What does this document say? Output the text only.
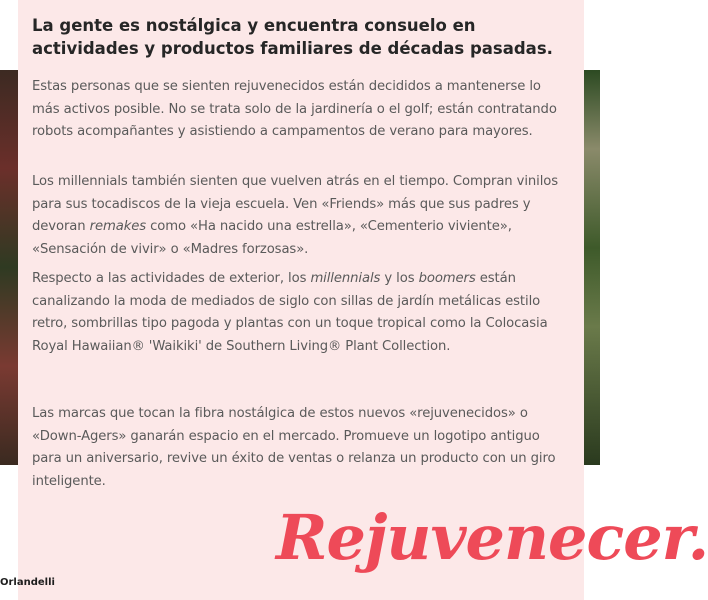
La gente es nostálgica y encuentra consuelo en actividades y productos familiares de décadas pasadas.

Estas personas que se sienten rejuvenecidos están decididos a mantenerse lo más activos posible. No se trata solo de la jardinería o el golf; están contratando robots acompañantes y asistiendo a campamentos de verano para mayores.

Los millennials también sienten que vuelven atrás en el tiempo. Compran vinilos para sus tocadiscos de la vieja escuela. Ven «Friends» más que sus padres y devoran remakes como «Ha nacido una estrella», «Cementerio viviente», «Sensación de vivir» o «Madres forzosas».

Respecto a las actividades de exterior, los millennials y los boomers están canalizando la moda de mediados de siglo con sillas de jardín metálicas estilo retro, sombrillas tipo pagoda y plantas con un toque tropical como la Colocasia Royal Hawaiian® 'Waikiki' de Southern Living® Plant Collection.

Las marcas que tocan la fibra nostálgica de estos nuevos «rejuvenecidos» o «Down-Agers» ganarán espacio en el mercado. Promueve un logotipo antiguo para un aniversario, revive un éxito de ventas o relanza un producto con un giro inteligente.

Rejuvenecer.
Orlandelli
